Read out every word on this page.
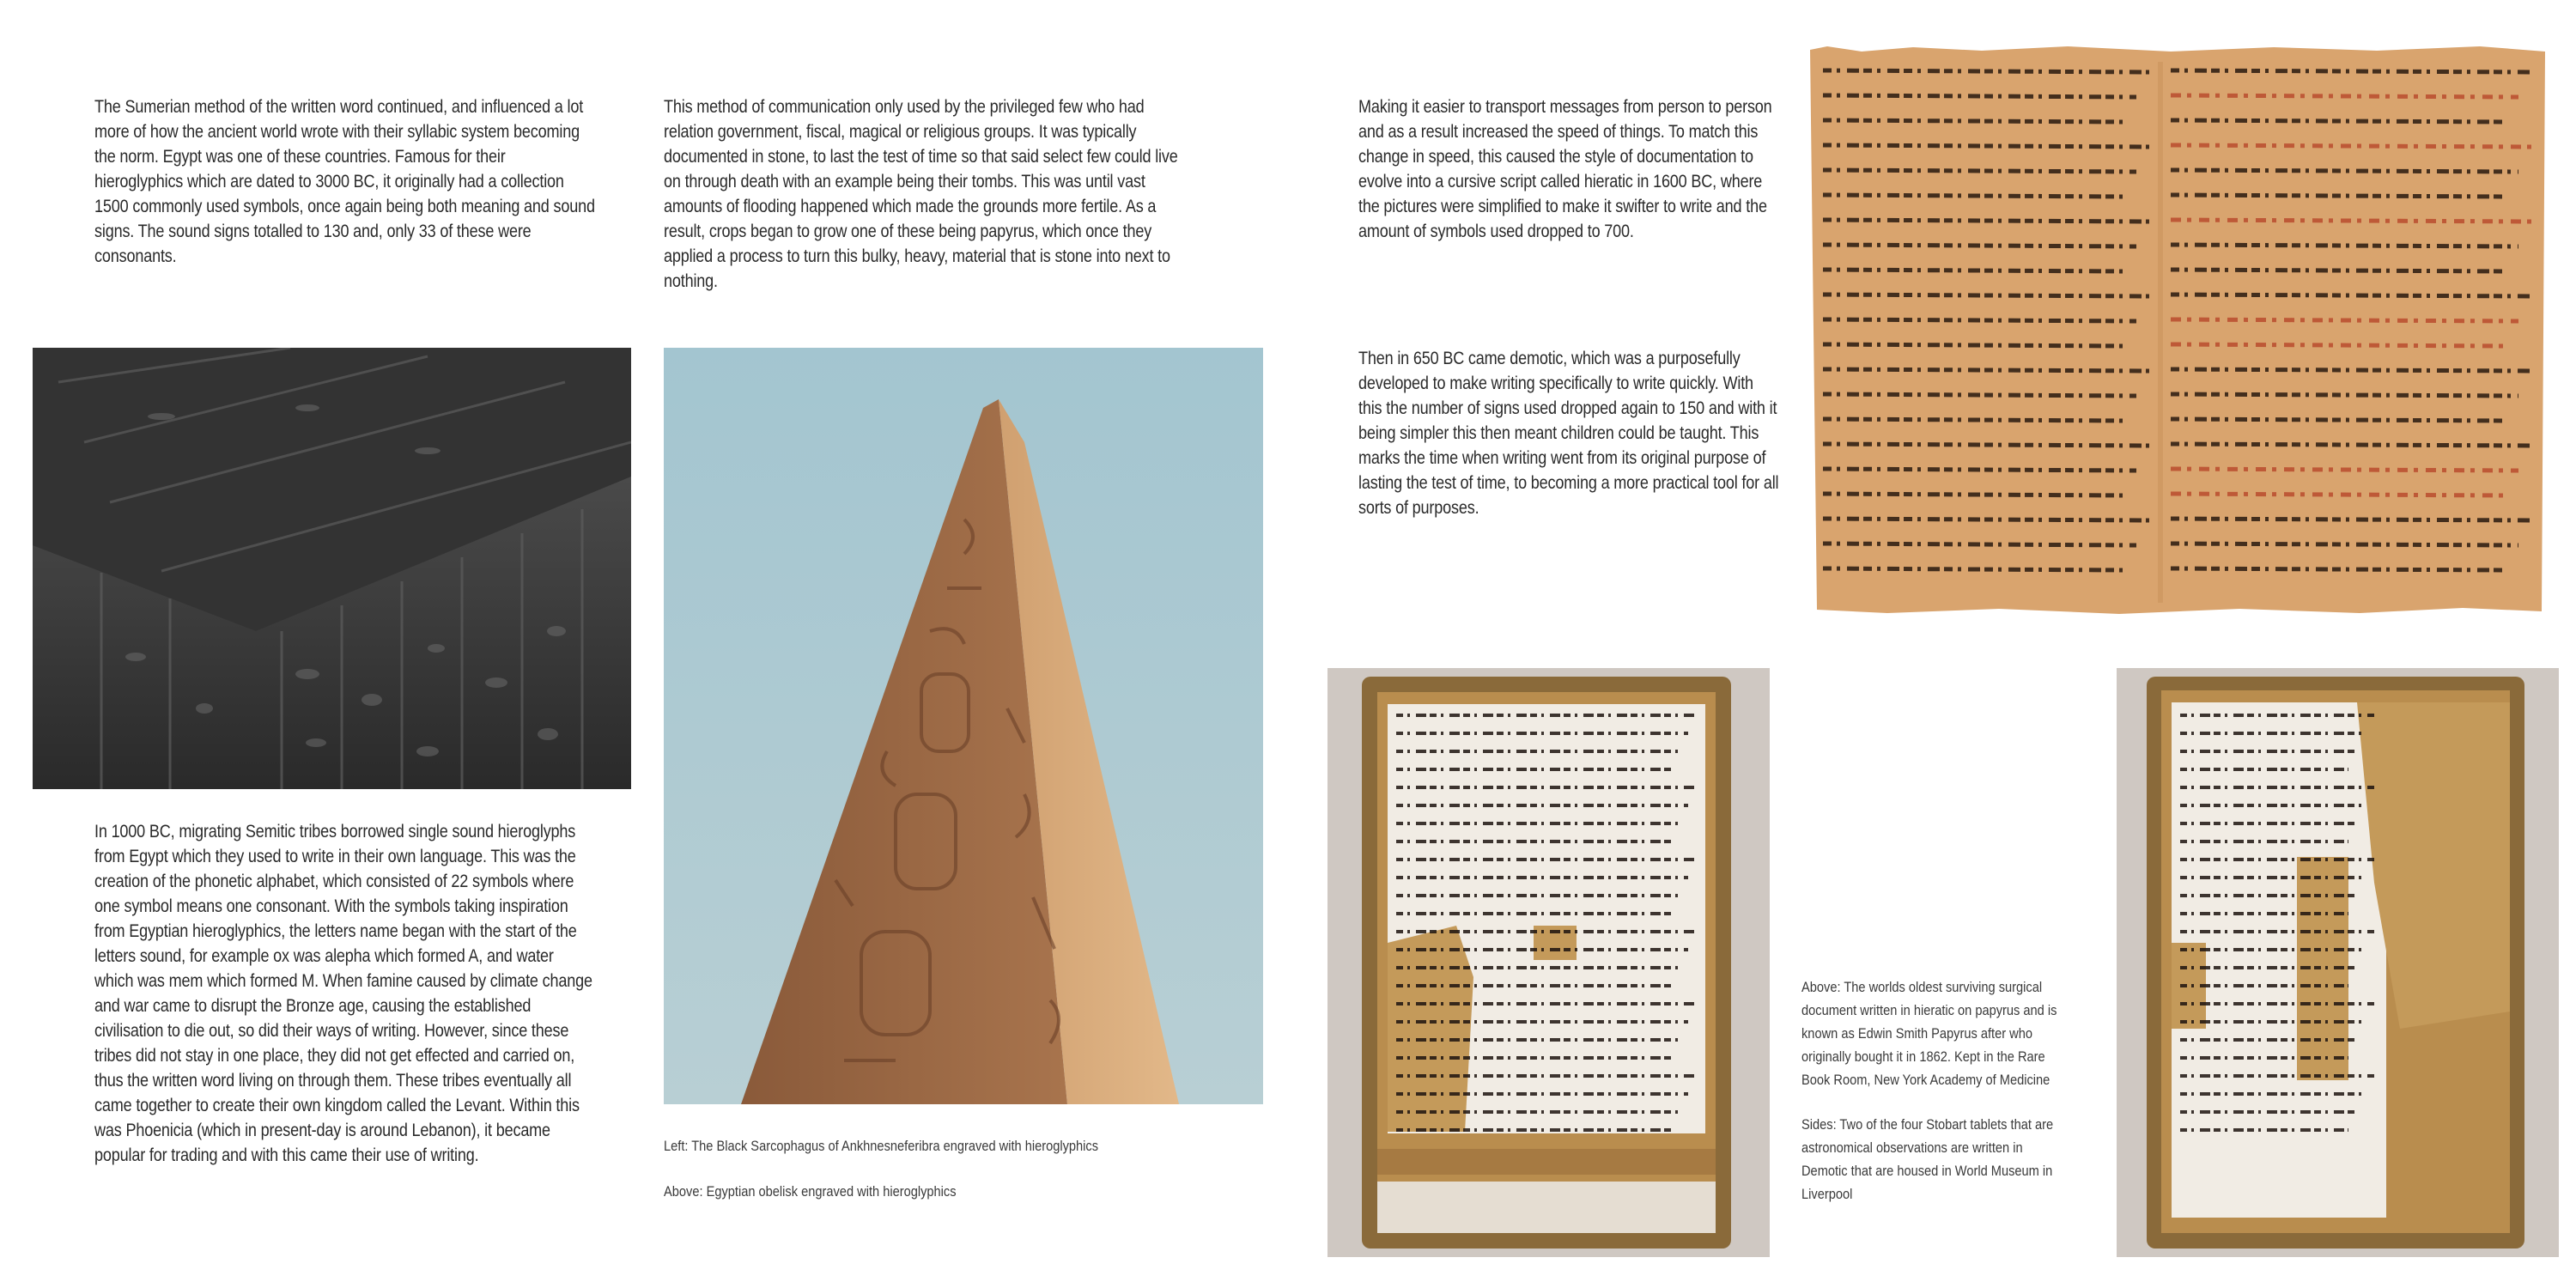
The Sumerian method of the written word continued, and influenced a lot more of how the ancient world wrote with their syllabic system becoming the norm. Egypt was one of these countries. Famous for their hieroglyphics which are dated to 3000 BC, it originally had a collection 1500 commonly used symbols, once again being both meaning and sound signs. The sound signs totalled to 130 and, only 33 of these were consonants.
This method of communication only used by the privileged few who had relation government, fiscal, magical or religious groups. It was typically documented in stone, to last the test of time so that said select few could live on through death with an example being their tombs. This was until vast amounts of flooding happened which made the grounds more fertile. As a result, crops began to grow one of these being papyrus, which once they applied a process to turn this bulky, heavy, material that is stone into next to nothing.
Making it easier to transport messages from person to person and as a result increased the speed of things. To match this change in speed, this caused the style of documentation to evolve into a cursive script called hieratic in 1600 BC, where the pictures were simplified to make it swifter to write and the amount of symbols used dropped to 700.
Then in 650 BC came demotic, which was a purposefully developed to make writing specifically to write quickly. With this the number of signs used dropped again to 150 and with it being simpler this then meant children could be taught. This marks the time when writing went from its original purpose of lasting the test of time, to becoming a more practical tool for all sorts of purposes.
In 1000 BC, migrating Semitic tribes borrowed single sound hieroglyphs from Egypt which they used to write in their own language. This was the creation of the phonetic alphabet, which consisted of 22 symbols where one symbol means one consonant. With the symbols taking inspiration from Egyptian hieroglyphics, the letters name began with the start of the letters sound, for example ox was alepha which formed A, and water which was mem which formed M. When famine caused by climate change and war came to disrupt the Bronze age, causing the established civilisation to die out, so did their ways of writing. However, since these tribes did not stay in one place, they did not get effected and carried on, thus the written word living on through them. These tribes eventually all came together to create their own kingdom called the Levant. Within this was Phoenicia (which in present-day is around Lebanon), it became popular for trading and with this came their use of writing.	Left: The Black Sarcophagus of Ankhnesneferibra engraved with hieroglyphics
Above: Egyptian obelisk engraved with hieroglyphics
Above: The worlds oldest surviving surgical document written in hieratic on papyrus and is known as Edwin Smith Papyrus after who originally bought it in 1862. Kept in the Rare Book Room, New York Academy of Medicine
Sides: Two of the four Stobart tablets that are astronomical observations are written in Demotic that are housed in World Museum in Liverpool
